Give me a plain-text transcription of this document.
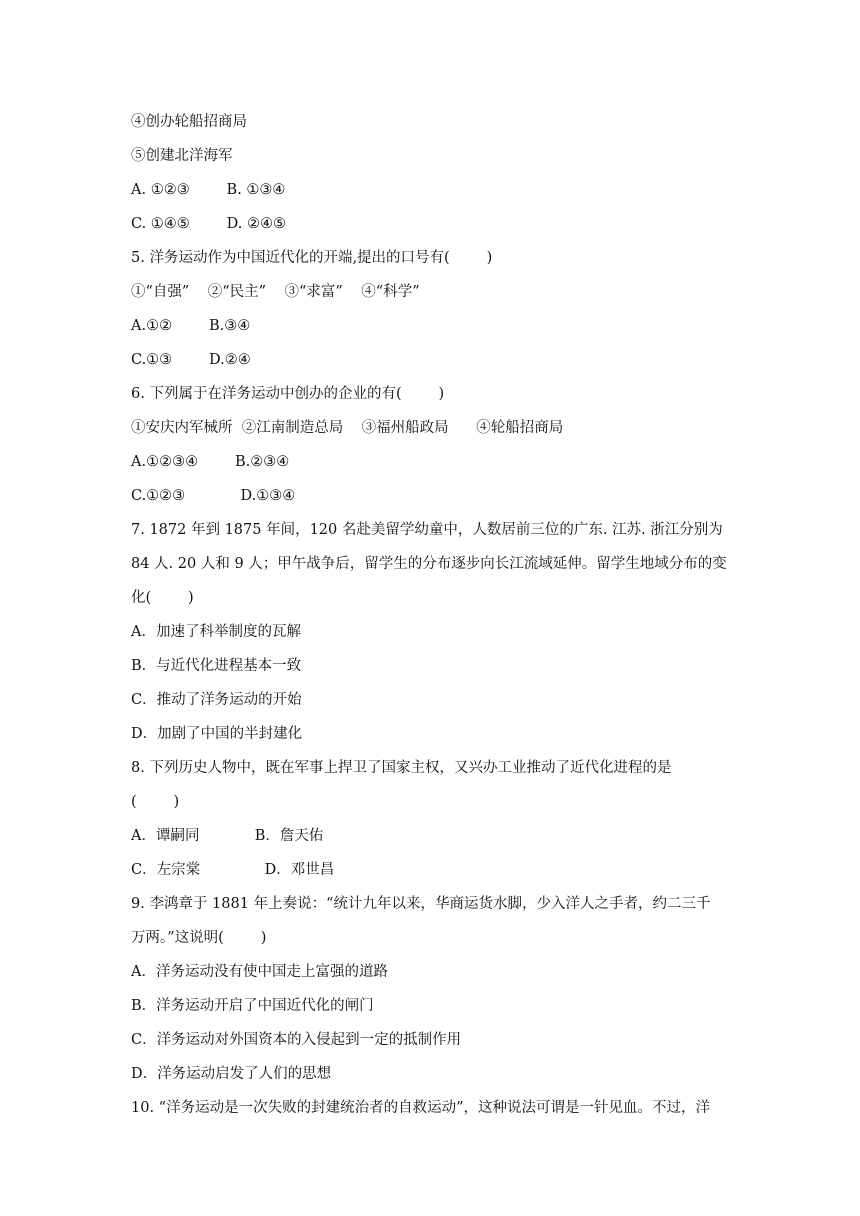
④创办轮船招商局
⑤创建北洋海军
A. ①②③        B. ①③④
C. ①④⑤        D. ②④⑤
5. 洋务运动作为中国近代化的开端,提出的口号有(        )
①“自强”    ②“民主”    ③“求富”    ④“科学”
A.①②        B.③④
C.①③        D.②④
6. 下列属于在洋务运动中创办的企业的有(        )
①安庆内军械所  ②江南制造总局    ③福州船政局      ④轮船招商局
A.①②③④        B.②③④
C.①②③            D.①③④
7. 1872 年到 1875 年间，120 名赴美留学幼童中，人数居前三位的广东. 江苏. 浙江分别为
84 人. 20 人和 9 人；甲午战争后，留学生的分布逐步向长江流域延伸。留学生地域分布的变
化(        )
A．加速了科举制度的瓦解
B．与近代化进程基本一致
C．推动了洋务运动的开始
D．加剧了中国的半封建化
8. 下列历史人物中，既在军事上捍卫了国家主权，又兴办工业推动了近代化进程的是
(        )
A．谭嗣同            B．詹天佑
C．左宗棠              D．邓世昌
9. 李鸿章于 1881 年上奏说：“统计九年以来，华商运货水脚，少入洋人之手者，约二三千
万两。”这说明(        )
A．洋务运动没有使中国走上富强的道路
B．洋务运动开启了中国近代化的闸门
C．洋务运动对外国资本的入侵起到一定的抵制作用
D．洋务运动启发了人们的思想
10. “洋务运动是一次失败的封建统治者的自救运动”，这种说法可谓是一针见血。不过，洋
